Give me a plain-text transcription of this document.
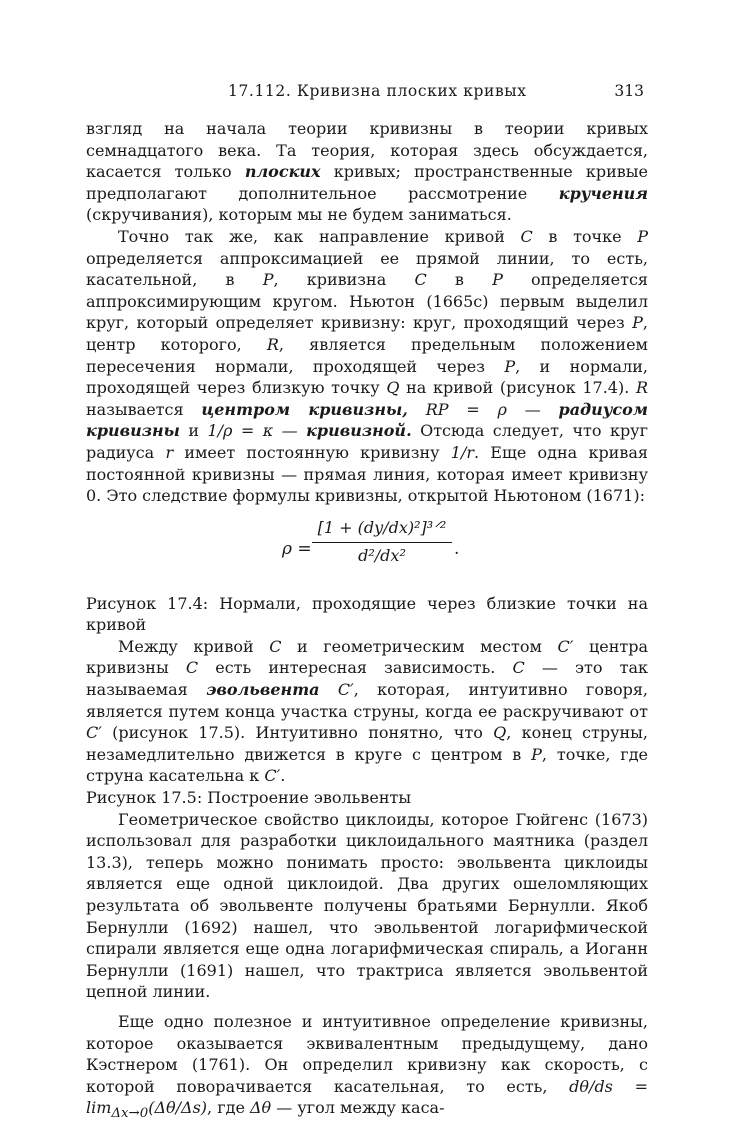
17.112. Кривизна плоских кривых	313

взгляд на начала теории кривизны в теории кривых семнадцатого века. Та теория, которая здесь обсуждается, касается только плоских кривых; пространственные кривые предполагают дополнительное рассмотрение кручения (скручивания), которым мы не будем заниматься.

Точно так же, как направление кривой C в точке P определяется аппроксимацией ее прямой линии, то есть, касательной, в P, кривизна C в P определяется аппроксимирующим кругом. Ньютон (1665с) первым выделил круг, который определяет кривизну: круг, проходящий через P, центр которого, R, является предельным положением пересечения нормали, проходящей через P, и нормали, проходящей через близкую точку Q на кривой (рисунок 17.4). R называется центром кривизны, RP = ρ — радиусом кривизны и 1/ρ = κ — кривизной. Отсюда следует, что круг радиуса r имеет постоянную кривизну 1/r. Еще одна кривая постоянной кривизны — прямая линия, которая имеет кривизну 0. Это следствие формулы кривизны, открытой Ньютоном (1671):

ρ =
[1 + (dy/dx)²]³ᐟ²
d²/dx²	.

Рисунок 17.4: Нормали, проходящие через близкие точки на кривой

Между кривой C и геометрическим местом C′ центра кривизны C есть интересная зависимость. C — это так называемая эвольвента C′, которая, интуитивно говоря, является путем конца участка струны, когда ее раскручивают от C′ (рисунок 17.5). Интуитивно понятно, что Q, конец струны, незамедлительно движется в круге с центром в P, точке, где струна касательна к C′.

Рисунок 17.5: Построение эвольвенты

Геометрическое свойство циклоиды, которое Гюйгенс (1673) использовал для разработки циклоидального маятника (раздел 13.3), теперь можно понимать просто: эвольвента циклоиды является еще одной циклоидой. Два других ошеломляющих результата об эвольвенте получены братьями Бернулли. Якоб Бернулли (1692) нашел, что эвольвентой логарифмической спирали является еще одна логарифмическая спираль, а Иоганн Бернулли (1691) нашел, что трактриса является эвольвентой цепной линии.

Еще одно полезное и интуитивное определение кривизны, которое оказывается эквивалентным предыдущему, дано Кэстнером (1761). Он определил кривизну как скорость, с которой поворачивается касательная, то есть, $d\theta/ds = \lim_{\Delta x\to 0}(\Delta\theta/\Delta s)$, где Δθ — угол между каса-
